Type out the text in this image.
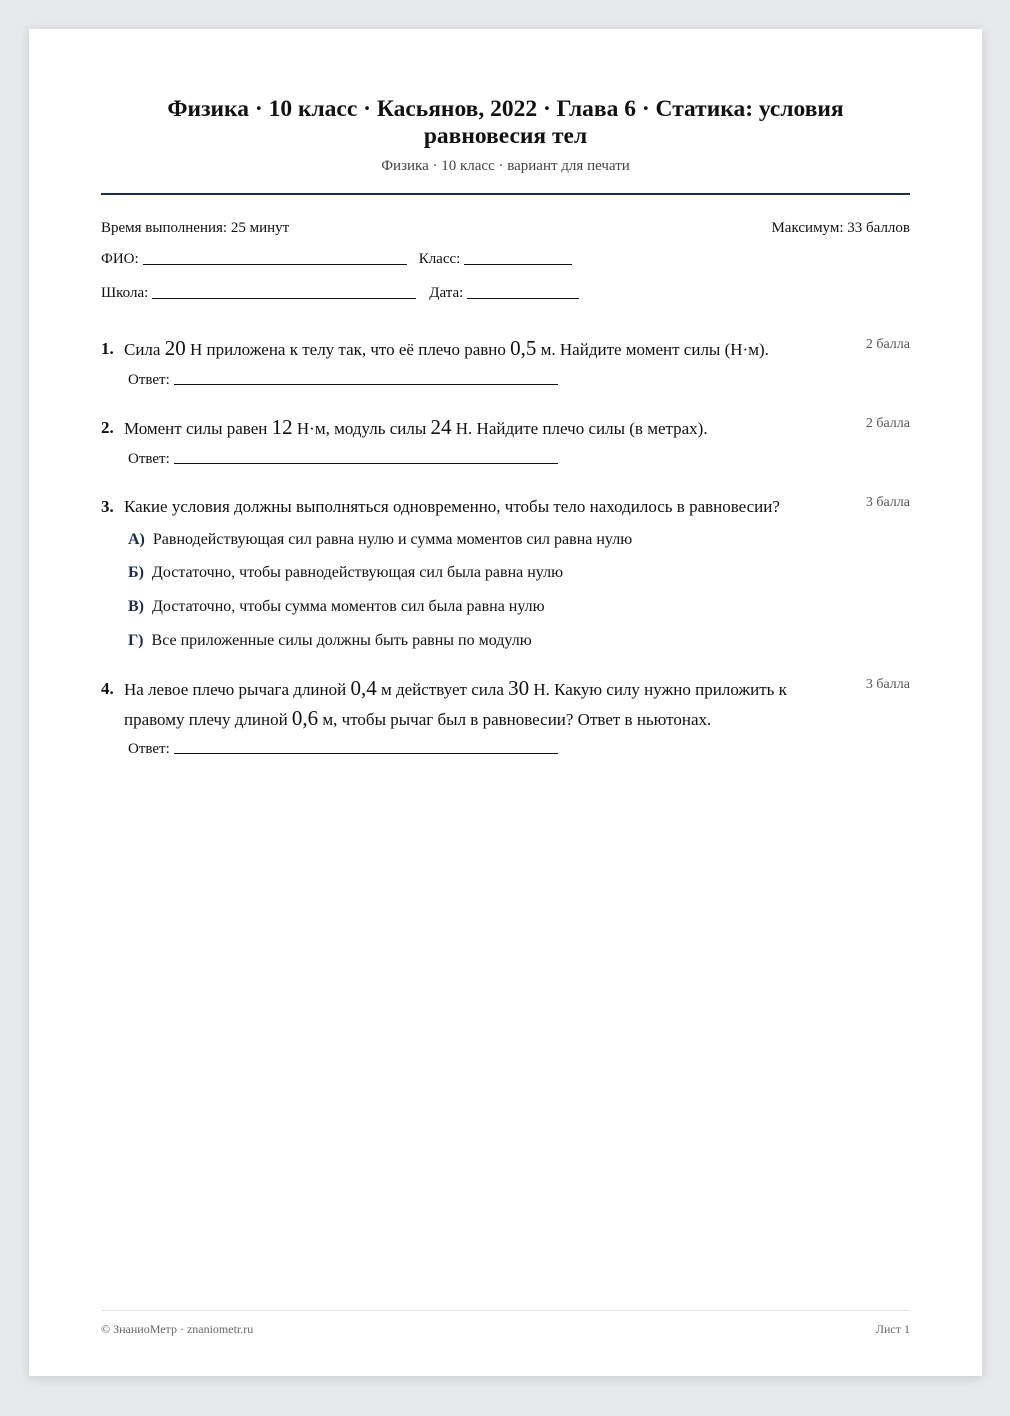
Физика · 10 класс · Касьянов, 2022 · Глава 6 · Статика: условия равновесия тел
Физика · 10 класс · вариант для печати
Время выполнения: 25 минут	Максимум: 33 баллов
ФИО:	Класс:
Школа:	Дата:
1. Сила 20 Н приложена к телу так, что её плечо равно 0,5 м. Найдите момент силы (Н·м).	2 балла
Ответ:
2. Момент силы равен 12 Н·м, модуль силы 24 Н. Найдите плечо силы (в метрах).	2 балла
Ответ:
3. Какие условия должны выполняться одновременно, чтобы тело находилось в равновесии?	3 балла
А) Равнодействующая сил равна нулю и сумма моментов сил равна нулю
Б) Достаточно, чтобы равнодействующая сил была равна нулю
В) Достаточно, чтобы сумма моментов сил была равна нулю
Г) Все приложенные силы должны быть равны по модулю
4. На левое плечо рычага длиной 0,4 м действует сила 30 Н. Какую силу нужно приложить к правому плечу длиной 0,6 м, чтобы рычаг был в равновесии? Ответ в ньютонах.
3 балла
Ответ:
© ЗнаниоМетр · znaniometr.ru	Лист 1
